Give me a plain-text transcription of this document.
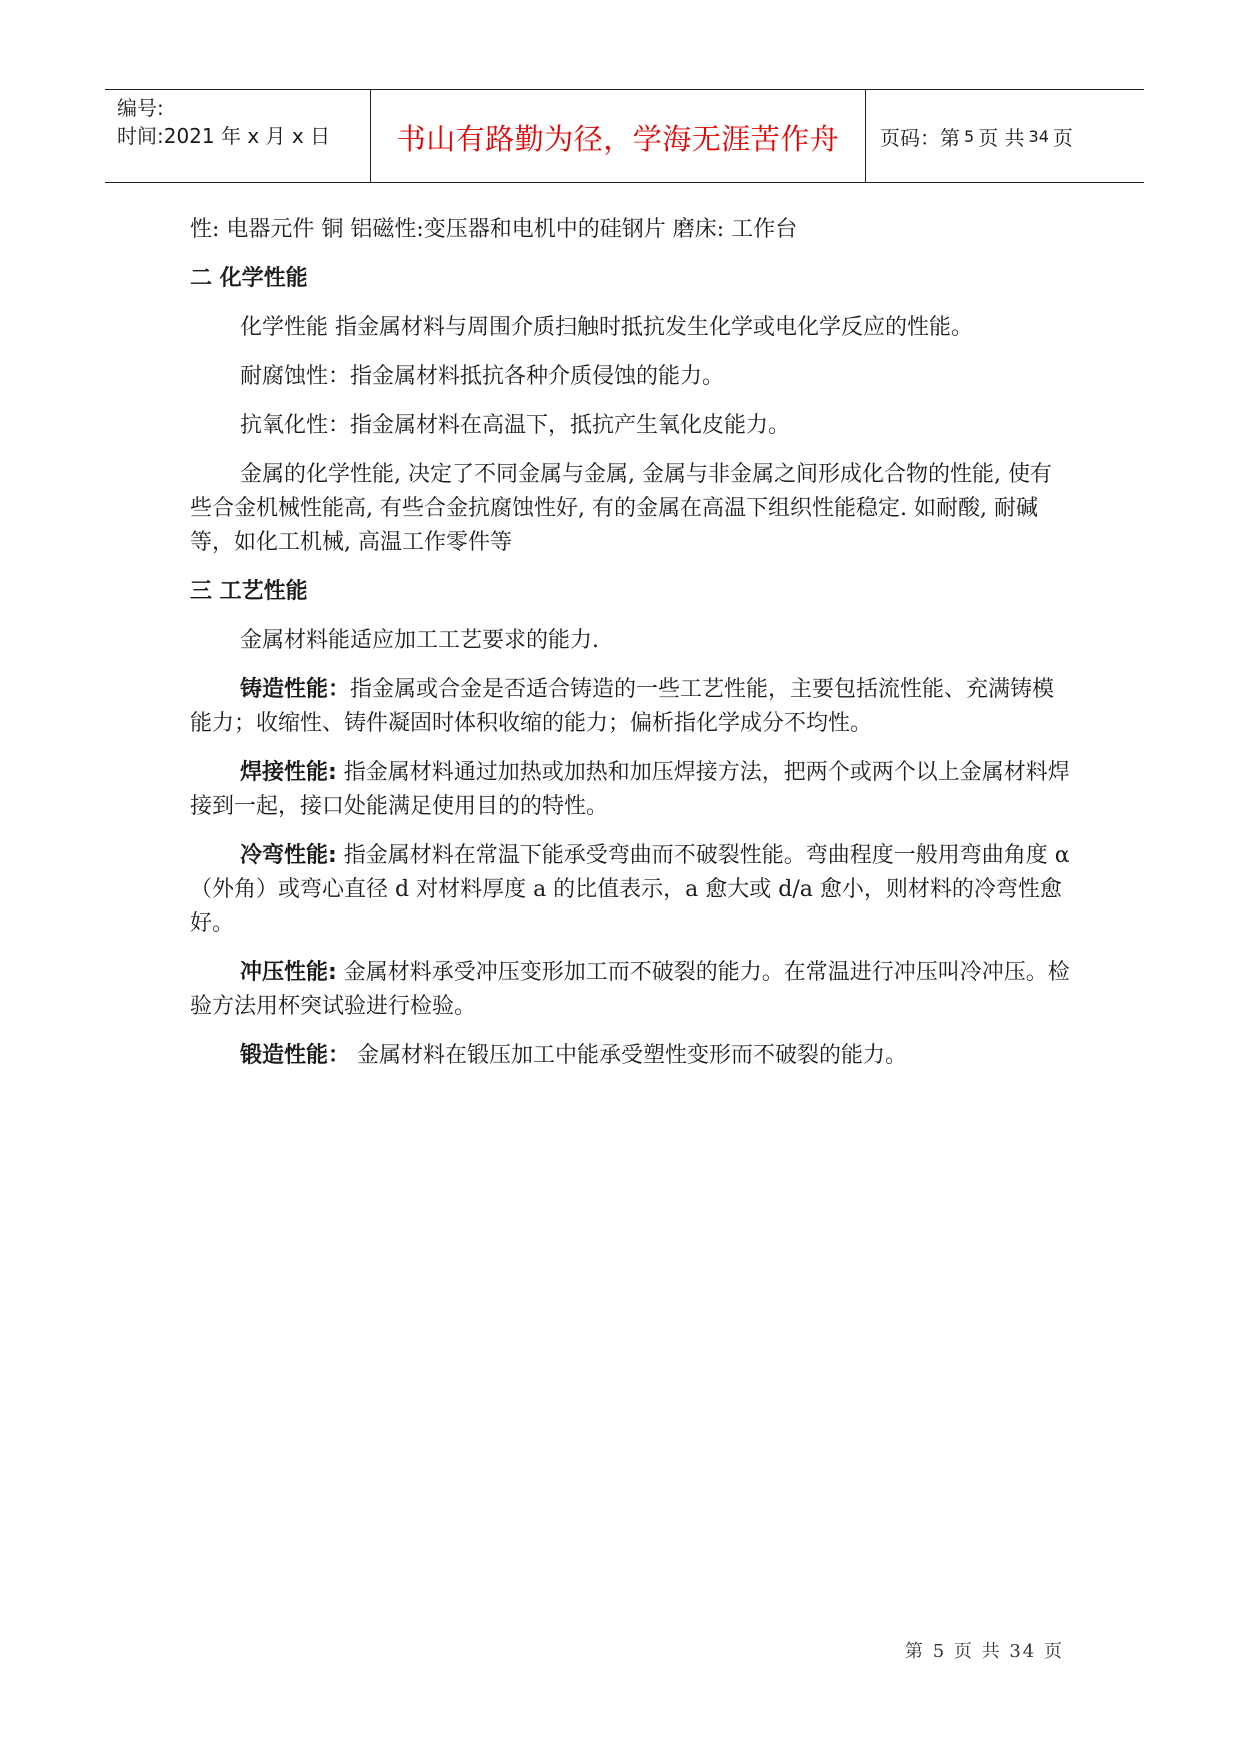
编号:
时间:2021 年 x 月 x 日	书山有路勤为径，学海无涯苦作舟	页码：第 5 页 共 34 页

性: 电器元件 铜 铝磁性:变压器和电机中的硅钢片 磨床: 工作台

二 化学性能

化学性能 指金属材料与周围介质扫触时抵抗发生化学或电化学反应的性能。

耐腐蚀性：指金属材料抵抗各种介质侵蚀的能力。

抗氧化性：指金属材料在高温下，抵抗产生氧化皮能力。

金属的化学性能, 决定了不同金属与金属, 金属与非金属之间形成化合物的性能, 使有些合金机械性能高, 有些合金抗腐蚀性好, 有的金属在高温下组织性能稳定. 如耐酸, 耐碱等，如化工机械, 高温工作零件等

三 工艺性能

金属材料能适应加工工艺要求的能力.

铸造性能：指金属或合金是否适合铸造的一些工艺性能，主要包括流性能、充满铸模能力；收缩性、铸件凝固时体积收缩的能力；偏析指化学成分不均性。

焊接性能: 指金属材料通过加热或加热和加压焊接方法，把两个或两个以上金属材料焊接到一起，接口处能满足使用目的的特性。

冷弯性能: 指金属材料在常温下能承受弯曲而不破裂性能。弯曲程度一般用弯曲角度 α （外角）或弯心直径 d 对材料厚度 a 的比值表示，a 愈大或 d/a 愈小，则材料的冷弯性愈好。

冲压性能: 金属材料承受冲压变形加工而不破裂的能力。在常温进行冲压叫冷冲压。检验方法用杯突试验进行检验。

锻造性能： 金属材料在锻压加工中能承受塑性变形而不破裂的能力。

第 5 页 共 34 页
